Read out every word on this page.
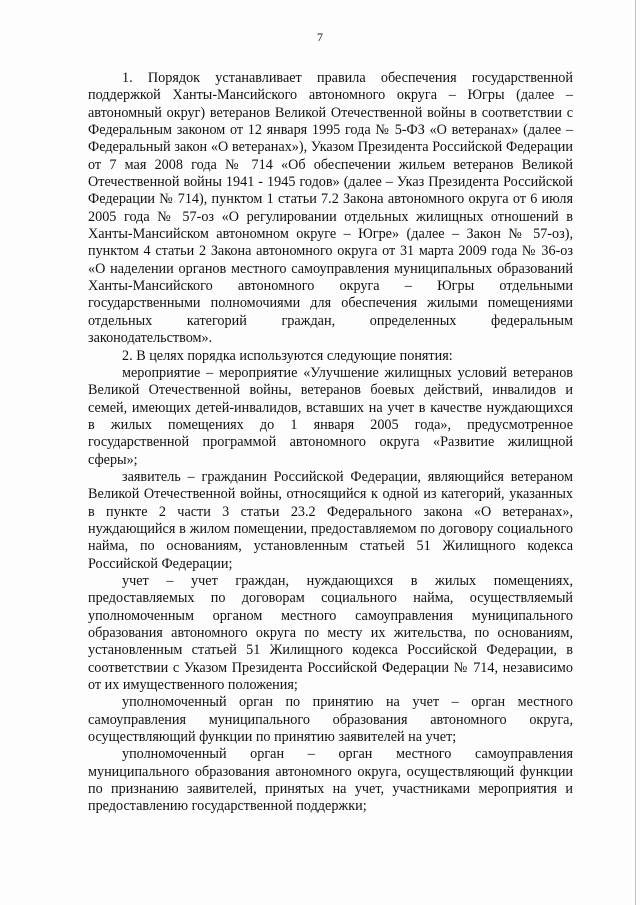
7

1. Порядок устанавливает правила обеспечения государственной поддержкой Ханты-Мансийского автономного округа – Югры (далее – автономный округ) ветеранов Великой Отечественной войны в соответствии с Федеральным законом от 12 января 1995 года № 5-ФЗ «О ветеранах» (далее – Федеральный закон «О ветеранах»), Указом Президента Российской Федерации от 7 мая 2008 года № 714 «Об обеспечении жильем ветеранов Великой Отечественной войны 1941 - 1945 годов» (далее – Указ Президента Российской Федерации № 714), пунктом 1 статьи 7.2 Закона автономного округа от 6 июля 2005 года № 57-оз «О регулировании отдельных жилищных отношений в Ханты-Мансийском автономном округе – Югре» (далее – Закон № 57-оз), пунктом 4 статьи 2 Закона автономного округа от 31 марта 2009 года № 36-оз «О наделении органов местного самоуправления муниципальных образований Ханты-Мансийского автономного округа – Югры отдельными государственными полномочиями для обеспечения жилыми помещениями отдельных категорий граждан, определенных федеральным законодательством».

2. В целях порядка используются следующие понятия:

мероприятие – мероприятие «Улучшение жилищных условий ветеранов Великой Отечественной войны, ветеранов боевых действий, инвалидов и семей, имеющих детей-инвалидов, вставших на учет в качестве нуждающихся в жилых помещениях до 1 января 2005 года», предусмотренное государственной программой автономного округа «Развитие жилищной сферы»;

заявитель – гражданин Российской Федерации, являющийся ветераном Великой Отечественной войны, относящийся к одной из категорий, указанных в пункте 2 части 3 статьи 23.2 Федерального закона «О ветеранах», нуждающийся в жилом помещении, предоставляемом по договору социального найма, по основаниям, установленным статьей 51 Жилищного кодекса Российской Федерации;

учет – учет граждан, нуждающихся в жилых помещениях, предоставляемых по договорам социального найма, осуществляемый уполномоченным органом местного самоуправления муниципального образования автономного округа по месту их жительства, по основаниям, установленным статьей 51 Жилищного кодекса Российской Федерации, в соответствии с Указом Президента Российской Федерации № 714, независимо от их имущественного положения;

уполномоченный орган по принятию на учет – орган местного самоуправления муниципального образования автономного округа, осуществляющий функции по принятию заявителей на учет;

уполномоченный орган – орган местного самоуправления муниципального образования автономного округа, осуществляющий функции по признанию заявителей, принятых на учет, участниками мероприятия и предоставлению государственной поддержки;
